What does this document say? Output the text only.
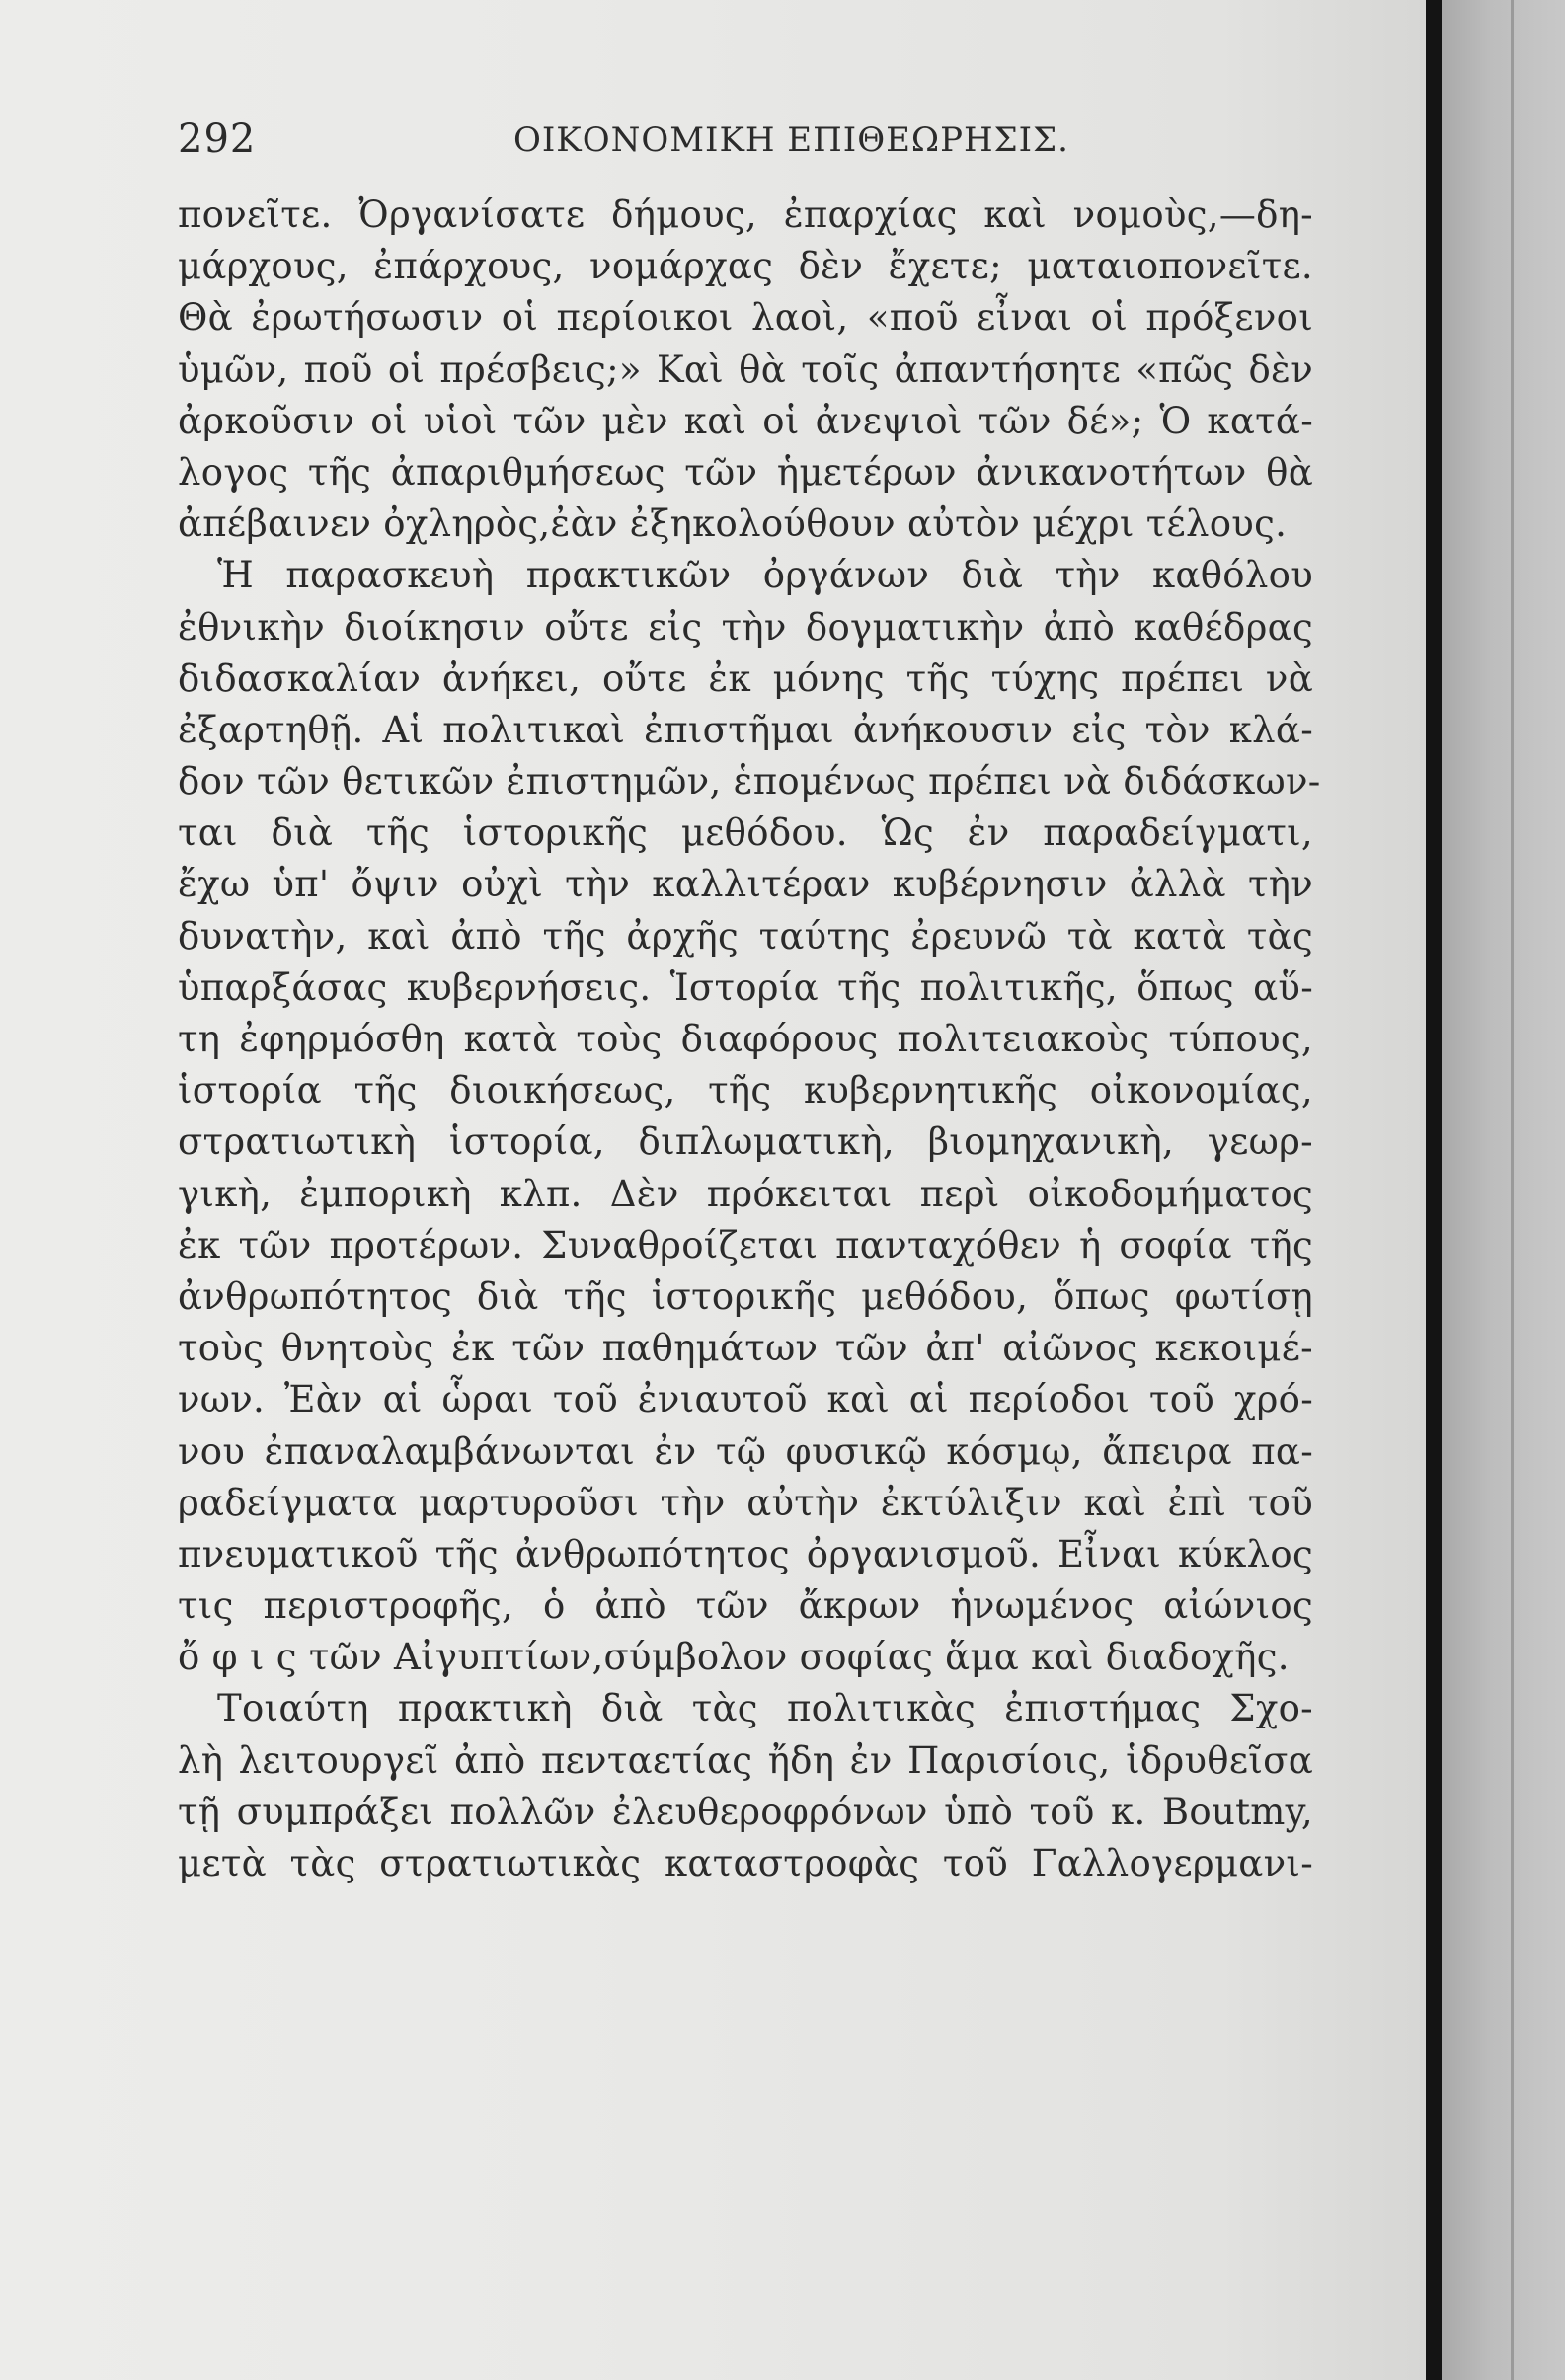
292	ΟΙΚΟΝΟΜΙΚΗ ΕΠΙΘΕΩΡΗΣΙΣ.
πονεῖτε. Ὀργανίσατε δήμους, ἐπαρχίας καὶ νομοὺς,—δη-
μάρχους, ἐπάρχους, νομάρχας δὲν ἔχετε; ματαιοπονεῖτε.
Θὰ ἐρωτήσωσιν οἱ περίοικοι λαοὶ, «ποῦ εἶναι οἱ πρόξενοι
ὑμῶν, ποῦ οἱ πρέσβεις;» Καὶ θὰ τοῖς ἀπαντήσητε «πῶς δὲν
ἀρκοῦσιν οἱ υἱοὶ τῶν μὲν καὶ οἱ ἀνεψιοὶ τῶν δέ»; Ὁ κατά-
λογος τῆς ἀπαριθμήσεως τῶν ἡμετέρων ἀνικανοτήτων θὰ
ἀπέβαινεν ὀχληρὸς,ἐὰν ἐξηκολούθουν αὐτὸν μέχρι τέλους.
Ἡ παρασκευὴ πρακτικῶν ὀργάνων διὰ τὴν καθόλου
ἐθνικὴν διοίκησιν οὔτε εἰς τὴν δογματικὴν ἀπὸ καθέδρας
διδασκαλίαν ἀνήκει, οὔτε ἐκ μόνης τῆς τύχης πρέπει νὰ
ἐξαρτηθῇ. Αἱ πολιτικαὶ ἐπιστῆμαι ἀνήκουσιν εἰς τὸν κλά-
δον τῶν θετικῶν ἐπιστημῶν, ἑπομένως πρέπει νὰ διδάσκων-
ται διὰ τῆς ἱστορικῆς μεθόδου. Ὡς ἐν παραδείγματι,
ἔχω ὑπ' ὄψιν οὐχὶ τὴν καλλιτέραν κυβέρνησιν ἀλλὰ τὴν
δυνατὴν, καὶ ἀπὸ τῆς ἀρχῆς ταύτης ἐρευνῶ τὰ κατὰ τὰς
ὑπαρξάσας κυβερνήσεις. Ἱστορία τῆς πολιτικῆς, ὅπως αὕ-
τη ἐφηρμόσθη κατὰ τοὺς διαφόρους πολιτειακοὺς τύπους,
ἱστορία τῆς διοικήσεως, τῆς κυβερνητικῆς οἰκονομίας,
στρατιωτικὴ ἱστορία, διπλωματικὴ, βιομηχανικὴ, γεωρ-
γικὴ, ἐμπορικὴ κλπ. Δὲν πρόκειται περὶ οἰκοδομήματος
ἐκ τῶν προτέρων. Συναθροίζεται πανταχόθεν ἡ σοφία τῆς
ἀνθρωπότητος διὰ τῆς ἱστορικῆς μεθόδου, ὅπως φωτίσῃ
τοὺς θνητοὺς ἐκ τῶν παθημάτων τῶν ἀπ' αἰῶνος κεκοιμέ-
νων. Ἐὰν αἱ ὧραι τοῦ ἐνιαυτοῦ καὶ αἱ περίοδοι τοῦ χρό-
νου ἐπαναλαμβάνωνται ἐν τῷ φυσικῷ κόσμῳ, ἄπειρα πα-
ραδείγματα μαρτυροῦσι τὴν αὐτὴν ἐκτύλιξιν καὶ ἐπὶ τοῦ
πνευματικοῦ τῆς ἀνθρωπότητος ὀργανισμοῦ. Εἶναι κύκλος
τις περιστροφῆς, ὁ ἀπὸ τῶν ἄκρων ἡνωμένος αἰώνιος
ὄ φ ι ς τῶν Αἰγυπτίων,σύμβολον σοφίας ἅμα καὶ διαδοχῆς.
Τοιαύτη πρακτικὴ διὰ τὰς πολιτικὰς ἐπιστήμας Σχο-
λὴ λειτουργεῖ ἀπὸ πενταετίας ἤδη ἐν Παρισίοις, ἱδρυθεῖσα
τῇ συμπράξει πολλῶν ἐλευθεροφρόνων ὑπὸ τοῦ κ. Boutmy,
μετὰ τὰς στρατιωτικὰς καταστροφὰς τοῦ Γαλλογερμανι-
